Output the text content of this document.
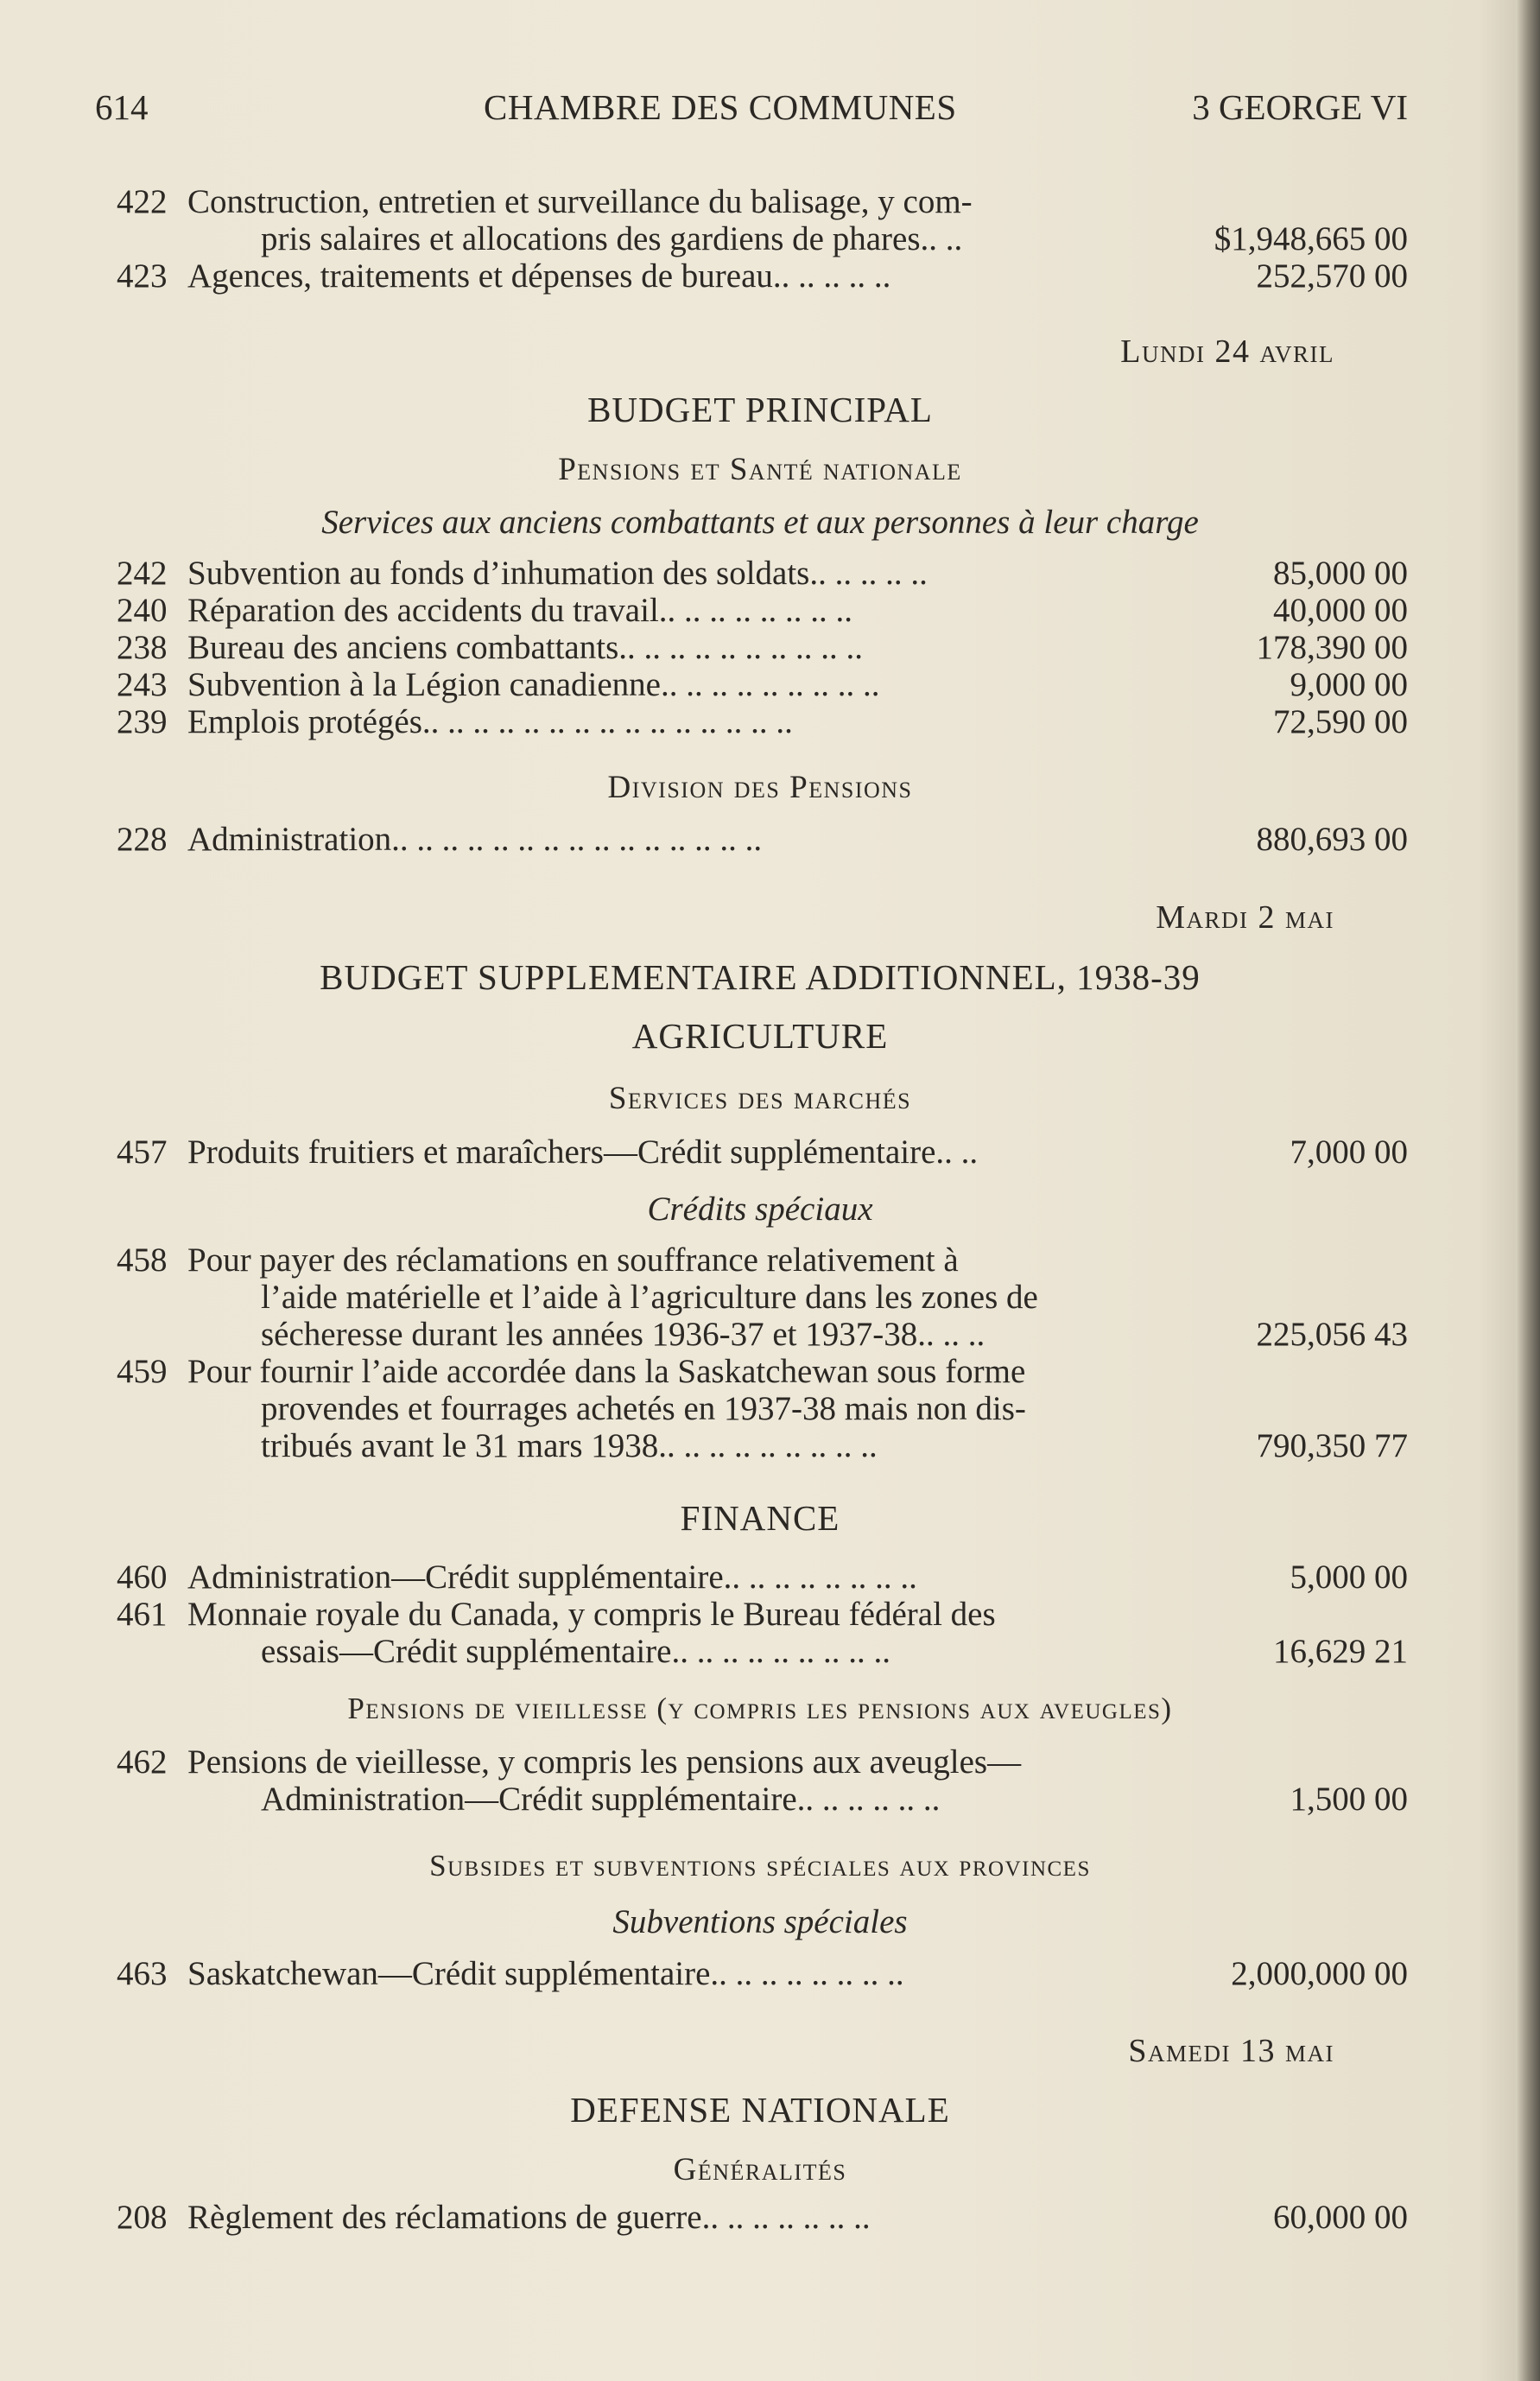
614	CHAMBRE DES COMMUNES	3 GEORGE VI
422 Construction, entretien et surveillance du balisage, y com-
pris salaires et allocations des gardiens de phares.. ..	$1,948,665 00
423 Agences, traitements et dépenses de bureau.. .. .. .. ..	252,570 00
Lundi 24 avril
BUDGET PRINCIPAL
Pensions et Santé nationale
Services aux anciens combattants et aux personnes à leur charge
242 Subvention au fonds d’inhumation des soldats.. .. .. .. ..	85,000 00
240 Réparation des accidents du travail.. .. .. .. .. .. .. ..	40,000 00
238 Bureau des anciens combattants.. .. .. .. .. .. .. .. .. ..	178,390 00
243 Subvention à la Légion canadienne.. .. .. .. .. .. .. .. ..	9,000 00
239 Emplois protégés.. .. .. .. .. .. .. .. .. .. .. .. .. .. ..	72,590 00
Division des Pensions
228 Administration.. .. .. .. .. .. .. .. .. .. .. .. .. .. ..	880,693 00
Mardi 2 mai
BUDGET SUPPLEMENTAIRE ADDITIONNEL, 1938-39
AGRICULTURE
Services des marchés
457 Produits fruitiers et maraîchers—Crédit supplémentaire.. ..	7,000 00
Crédits spéciaux
458 Pour payer des réclamations en souffrance relativement à
l’aide matérielle et l’aide à l’agriculture dans les zones de
sécheresse durant les années 1936-37 et 1937-38.. .. ..	225,056 43
459 Pour fournir l’aide accordée dans la Saskatchewan sous forme
provendes et fourrages achetés en 1937-38 mais non dis-
tribués avant le 31 mars 1938.. .. .. .. .. .. .. .. ..	790,350 77
FINANCE
460 Administration—Crédit supplémentaire.. .. .. .. .. .. .. ..	5,000 00
461 Monnaie royale du Canada, y compris le Bureau fédéral des
essais—Crédit supplémentaire.. .. .. .. .. .. .. .. ..	16,629 21
Pensions de vieillesse (y compris les pensions aux aveugles)
462 Pensions de vieillesse, y compris les pensions aux aveugles—
Administration—Crédit supplémentaire.. .. .. .. .. ..	1,500 00
Subsides et subventions spéciales aux provinces
Subventions spéciales
463 Saskatchewan—Crédit supplémentaire.. .. .. .. .. .. .. ..	2,000,000 00
Samedi 13 mai
DEFENSE NATIONALE
Généralités
208 Règlement des réclamations de guerre.. .. .. .. .. .. ..	60,000 00
